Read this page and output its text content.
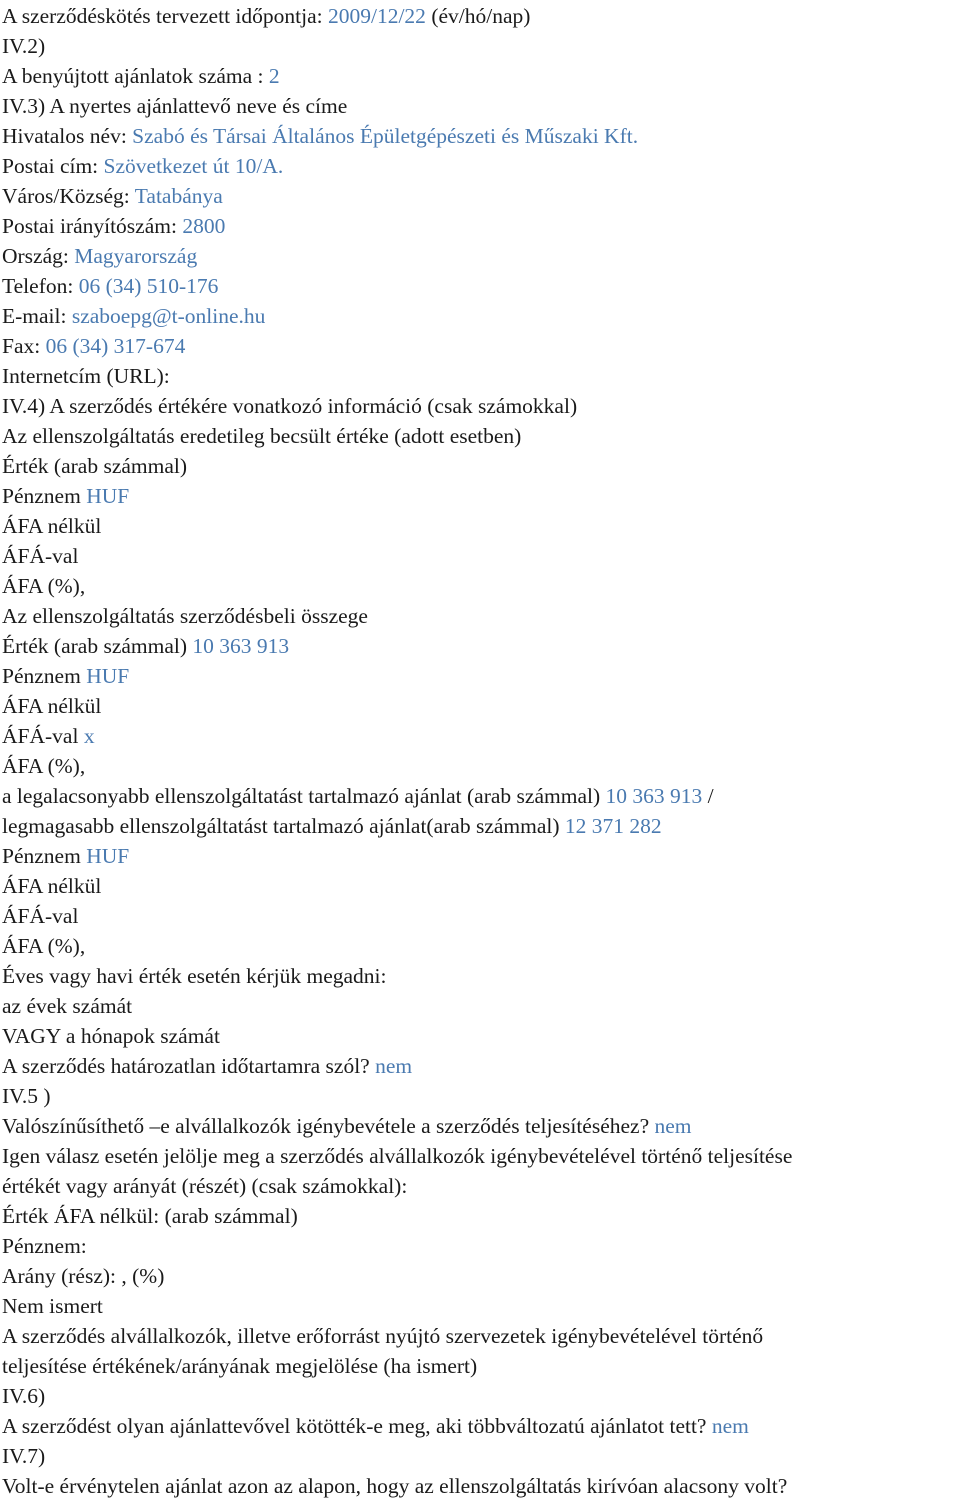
A szerződéskötés tervezett időpontja: 2009/12/22 (év/hó/nap)
IV.2)
A benyújtott ajánlatok száma : 2
IV.3) A nyertes ajánlattevő neve és címe
Hivatalos név: Szabó és Társai Általános Épületgépészeti és Műszaki Kft.
Postai cím: Szövetkezet út 10/A.
Város/Község: Tatabánya
Postai irányítószám: 2800
Ország: Magyarország
Telefon: 06 (34) 510-176
E-mail: szaboepg@t-online.hu
Fax: 06 (34) 317-674
Internetcím (URL):
IV.4) A szerződés értékére vonatkozó információ (csak számokkal)
Az ellenszolgáltatás eredetileg becsült értéke (adott esetben)
Érték (arab számmal)
Pénznem HUF
ÁFA nélkül
ÁFÁ-val
ÁFA (%),
Az ellenszolgáltatás szerződésbeli összege
Érték (arab számmal) 10 363 913
Pénznem HUF
ÁFA nélkül
ÁFÁ-val x
ÁFA (%),
a legalacsonyabb ellenszolgáltatást tartalmazó ajánlat (arab számmal) 10 363 913 /
legmagasabb ellenszolgáltatást tartalmazó ajánlat(arab számmal) 12 371 282
Pénznem HUF
ÁFA nélkül
ÁFÁ-val
ÁFA (%),
Éves vagy havi érték esetén kérjük megadni:
az évek számát
VAGY a hónapok számát
A szerződés határozatlan időtartamra szól? nem
IV.5 )
Valószínűsíthető –e alvállalkozók igénybevétele a szerződés teljesítéséhez? nem
Igen válasz esetén jelölje meg a szerződés alvállalkozók igénybevételével történő teljesítése
értékét vagy arányát (részét) (csak számokkal):
Érték ÁFA nélkül: (arab számmal)
Pénznem:
Arány (rész): , (%)
Nem ismert
A szerződés alvállalkozók, illetve erőforrást nyújtó szervezetek igénybevételével történő
teljesítése értékének/arányának megjelölése (ha ismert)
IV.6)
A szerződést olyan ajánlattevővel kötötték-e meg, aki többváltozatú ajánlatot tett? nem
IV.7)
Volt-e érvénytelen ajánlat azon az alapon, hogy az ellenszolgáltatás kirívóan alacsony volt?
